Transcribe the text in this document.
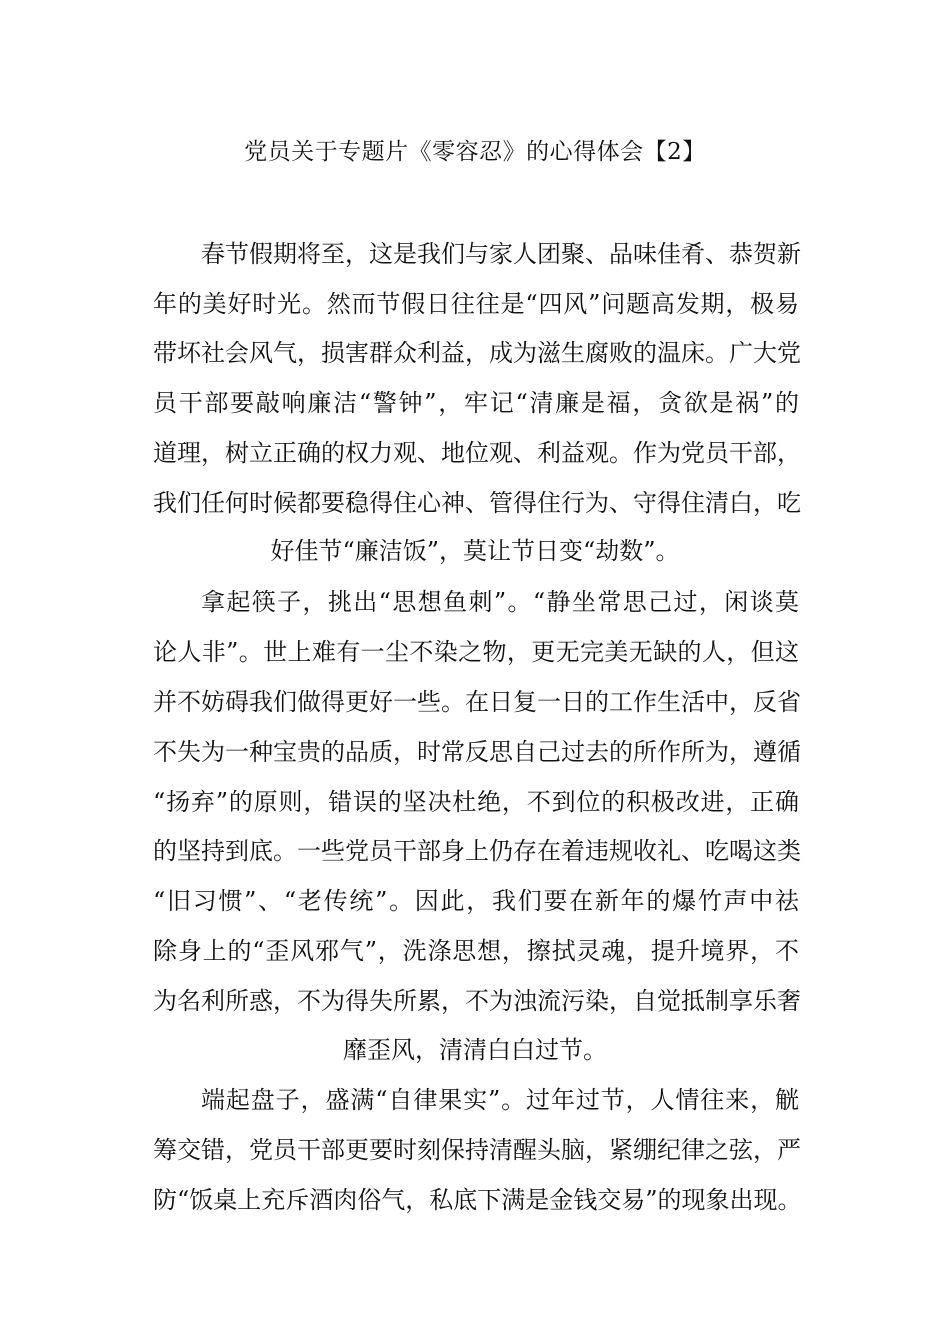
党员关于专题片《零容忍》的心得体会【2】
春节假期将至，这是我们与家人团聚、品味佳肴、恭贺新
年的美好时光。然而节假日往往是“四风”问题高发期，极易
带坏社会风气，损害群众利益，成为滋生腐败的温床。广大党
员干部要敲响廉洁“警钟”，牢记“清廉是福，贪欲是祸”的
道理，树立正确的权力观、地位观、利益观。作为党员干部，
我们任何时候都要稳得住心神、管得住行为、守得住清白，吃
好佳节“廉洁饭”，莫让节日变“劫数”。
拿起筷子，挑出“思想鱼刺”。“静坐常思己过，闲谈莫
论人非”。世上难有一尘不染之物，更无完美无缺的人，但这
并不妨碍我们做得更好一些。在日复一日的工作生活中，反省
不失为一种宝贵的品质，时常反思自己过去的所作所为，遵循
“扬弃”的原则，错误的坚决杜绝，不到位的积极改进，正确
的坚持到底。一些党员干部身上仍存在着违规收礼、吃喝这类
“旧习惯”、“老传统”。因此，我们要在新年的爆竹声中祛
除身上的“歪风邪气”，洗涤思想，擦拭灵魂，提升境界，不
为名利所惑，不为得失所累，不为浊流污染，自觉抵制享乐奢
靡歪风，清清白白过节。
端起盘子，盛满“自律果实”。过年过节，人情往来，觥
筹交错，党员干部更要时刻保持清醒头脑，紧绷纪律之弦，严
防“饭桌上充斥酒肉俗气，私底下满是金钱交易”的现象出现。
